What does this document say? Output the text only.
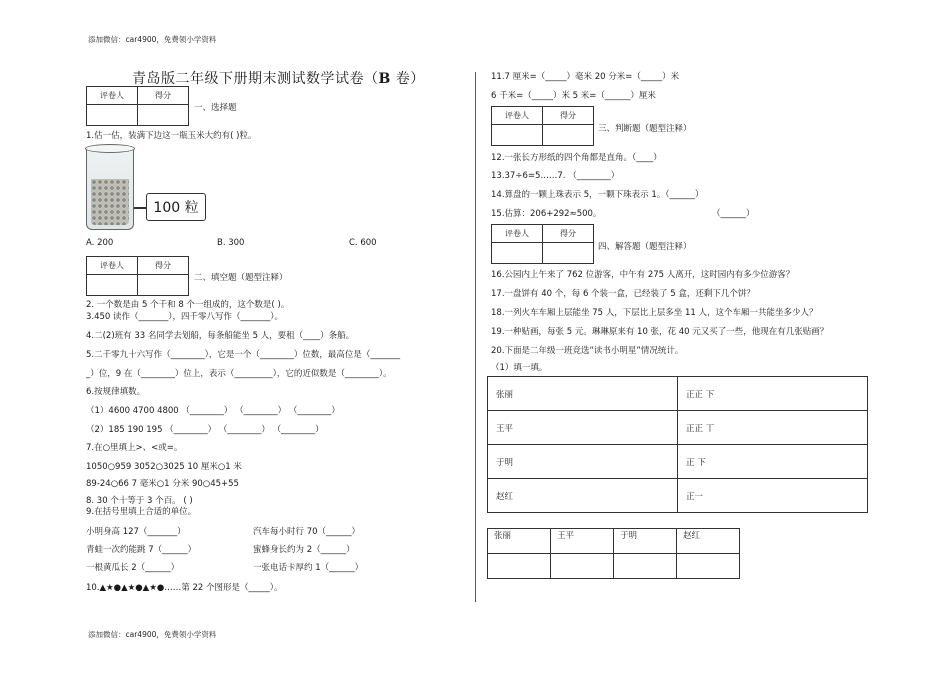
添加微信：car4900，免费领小学资料
添加微信：car4900，免费领小学资料
青岛版二年级下册期末测试数学试卷（B 卷）
评卷人	得分

一、选择题
1.估一估，装满下边这一瓶玉米大约有( )粒。
100 粒
A. 200	B. 300	C. 600
评卷人	得分

二、填空题（题型注释）
2. 一个数是由 5 个千和 8 个一组成的，这个数是( )。
3.450 读作（_______），四千零八写作（_______）。
4.二(2)班有 33 名同学去划船，每条船能坐 5 人，要租（____）条船。
5.二千零九十六写作（________），它是一个（________）位数，最高位是（_______
_）位，9 在（________）位上，表示（_________），它的近似数是（________）。
6.按规律填数。
（1）4600 4700 4800 （________） （________） （________）
（2）185 190 195 （________） （________） （________）
7.在○里填上>、<或=。
1050○959 3052○3025 10 厘米○1 米
89-24○66 7 毫米○1 分米 90○45+55
8. 30 个十等于 3 个百。 ( )
9.在括号里填上合适的单位。
小明身高 127（_______）	汽车每小时行 70（______）
青蛙一次约能跳 7（______）	蜜蜂身长约为 2（______）
一根黄瓜长 2（______）	一张电话卡厚约 1（______）
10.▲★●▲★●▲★●……第 22 个图形是（_____）。
11.7 厘米=（_____）毫米 20 分米=（_____）米
6 千米=（_____）米 5 米=（______）厘米
评卷人	得分

三、判断题（题型注释）
12.一张长方形纸的四个角都是直角。（____）
13.37÷6=5……7. （________）
14.算盘的一颗上珠表示 5，一颗下珠表示 1。（______）
15.估算：206+292≈500。	（______）
评卷人	得分

四、解答题（题型注释）
16.公园内上午来了 762 位游客，中午有 275 人离开，这时园内有多少位游客？
17.一盘饼有 40 个，每 6 个装一盒，已经装了 5 盒，还剩下几个饼？
18.一列火车车厢上层能坐 75 人，下层比上层多坐 11 人，这个车厢一共能坐多少人？
19.一种贴画，每张 5 元。琳琳原来有 10 张，花 40 元又买了一些，他现在有几张贴画？
20.下面是二年级一班竞选“读书小明星”情况统计。
（1）填一填。
张丽	正正 下
王平	正正 丅
于明	正 下
赵红	正一
张丽	王平	于明	赵红
